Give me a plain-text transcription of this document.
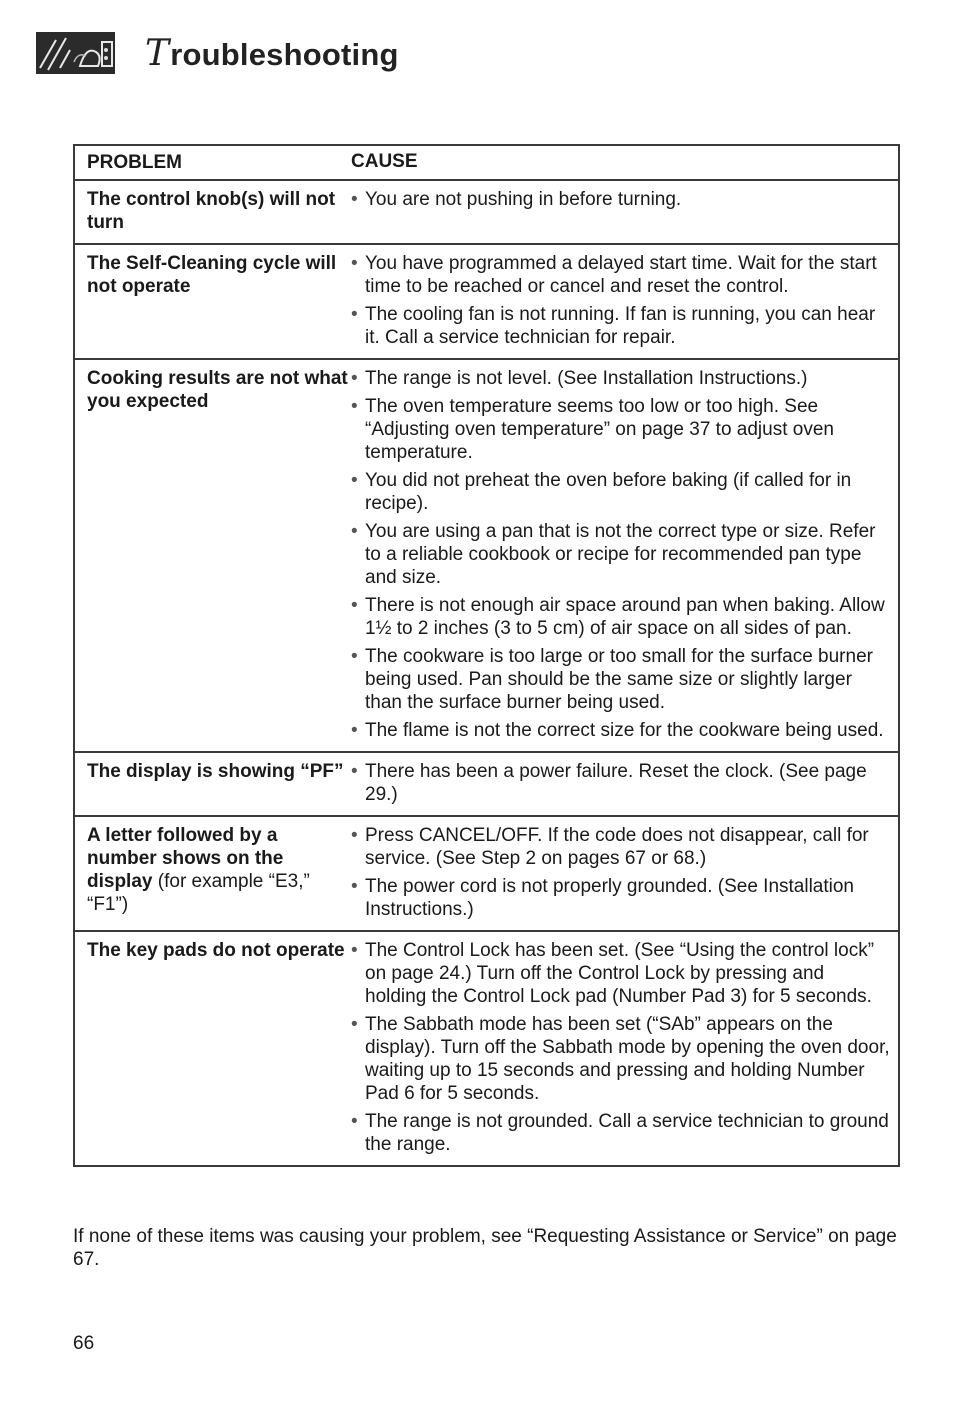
T roubleshooting
PROBLEM	CAUSE
The control knob(s) will not turn
• You are not pushing in before turning.
The Self-Cleaning cycle will not operate
• You have programmed a delayed start time. Wait for the start time to be reached or cancel and reset the control.
• The cooling fan is not running. If fan is running, you can hear it. Call a service technician for repair.
Cooking results are not what you expected
• The range is not level. (See Installation Instructions.)
• The oven temperature seems too low or too high. See “Adjusting oven temperature” on page 37 to adjust oven temperature.
• You did not preheat the oven before baking (if called for in recipe).
• You are using a pan that is not the correct type or size. Refer to a reliable cookbook or recipe for recommended pan type and size.
• There is not enough air space around pan when baking. Allow 1½ to 2 inches (3 to 5 cm) of air space on all sides of pan.
• The cookware is too large or too small for the surface burner being used. Pan should be the same size or slightly larger than the surface burner being used.
• The flame is not the correct size for the cookware being used.
The display is showing “PF”	• There has been a power failure. Reset the clock. (See page 29.)
A letter followed by a number shows on the display (for example “E3,” “F1”)
• Press CANCEL/OFF. If the code does not disappear, call for service. (See Step 2 on pages 67 or 68.)
• The power cord is not properly grounded. (See Installation Instructions.)
The key pads do not operate	• The Control Lock has been set. (See “Using the control lock” on page 24.) Turn off the Control Lock by pressing and holding the Control Lock pad (Number Pad 3) for 5 seconds.
• The Sabbath mode has been set (“SAb” appears on the display). Turn off the Sabbath mode by opening the oven door, waiting up to 15 seconds and pressing and holding Number Pad 6 for 5 seconds.
• The range is not grounded. Call a service technician to ground the range.
If none of these items was causing your problem, see “Requesting Assistance or Service” on page 67.
66
